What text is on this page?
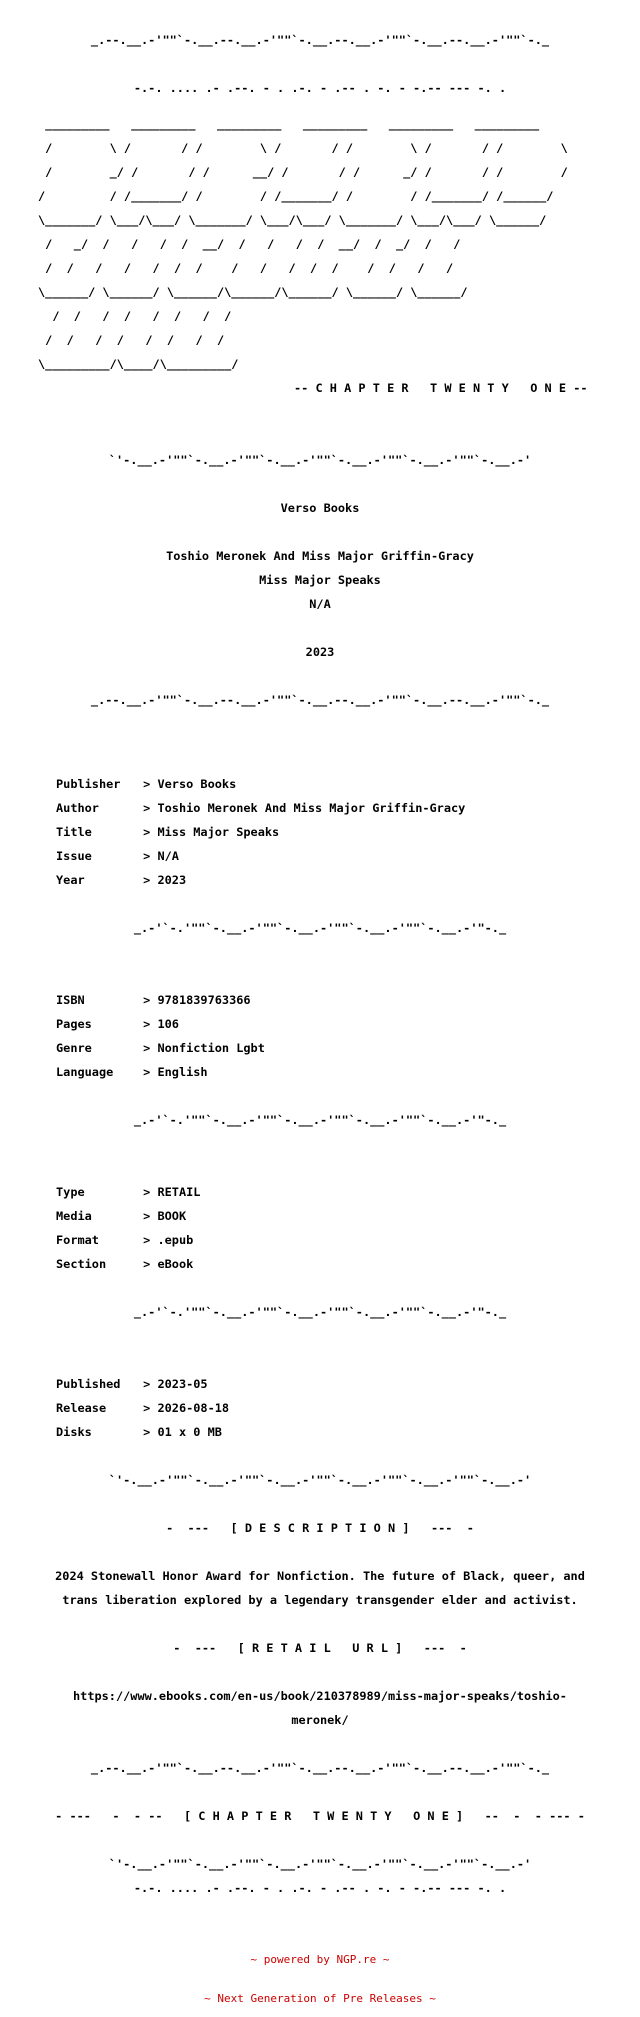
_.--.__.-'""`-.__.--.__.-'""`-.__.--.__.-'""`-.__.--.__.-'""`-._

-.-. .... .- .--. - . .-. - .-- . -. - -.-- --- -. .

_________   _________   _________   _________   _________   _________

/        \ /       / /        \ /       / /        \ /       / /        \

/        _/ /       / /      __/ /       / /      _/ /       / /        /

/         / /_______/ /        / /_______/ /        / /_______/ /______/

\_______/ \___/\___/ \_______/ \___/\___/ \_______/ \___/\___/ \______/

/   _/  /   /   /  /  __/  /   /   /  /  __/  /  _/  /   /

/  /   /   /   /  /  /    /   /   /  /  /    /  /   /   /

\______/ \______/ \______/\______/\______/ \______/ \______/

/  /   /  /   /  /   /  /

/  /   /  /   /  /   /  /

\_________/\____/\_________/

-- C H A P T E R   T W E N T Y   O N E --

`'-.__.-'""`-.__.-'""`-.__.-'""`-.__.-'""`-.__.-'""`-.__.-'

Verso Books

Toshio Meronek And Miss Major Griffin-Gracy

Miss Major Speaks

N/A

2023

_.--.__.-'""`-.__.--.__.-'""`-.__.--.__.-'""`-.__.--.__.-'""`-._

Publisher > Verso Books

Author	> Toshio Meronek And Miss Major Griffin-Gracy

Title	> Miss Major Speaks

Issue	> N/A

Year	> 2023

_.-'`-.'""`-.__.-'""`-.__.-'""`-.__.-'""`-.__.-'"-._

ISBN	> 9781839763366

Pages	> 106

Genre	> Nonfiction Lgbt

Language > English

_.-'`-.'""`-.__.-'""`-.__.-'""`-.__.-'""`-.__.-'"-._

Type	> RETAIL

Media	> BOOK

Format	> .epub

Section	> eBook

_.-'`-.'""`-.__.-'""`-.__.-'""`-.__.-'""`-.__.-'"-._

Published > 2023-05

Release	> 2026-08-18

Disks	> 01 x 0 MB

`'-.__.-'""`-.__.-'""`-.__.-'""`-.__.-'""`-.__.-'""`-.__.-'

-  ---   [ D E S C R I P T I O N ]   ---  -

2024 Stonewall Honor Award for Nonfiction. The future of Black, queer, and

trans liberation explored by a legendary transgender elder and activist.

-  ---   [ R E T A I L   U R L ]   ---  -

https://www.ebooks.com/en-us/book/210378989/miss-major-speaks/toshio-

meronek/

_.--.__.-'""`-.__.--.__.-'""`-.__.--.__.-'""`-.__.--.__.-'""`-._

- ---   -  - --   [ C H A P T E R   T W E N T Y   O N E ]   --  -  - --- -

`'-.__.-'""`-.__.-'""`-.__.-'""`-.__.-'""`-.__.-'""`-.__.-'

-.-. .... .- .--. - . .-. - .-- . -. - -.-- --- -. .

~ powered by NGP.re ~

~ Next Generation of Pre Releases ~
